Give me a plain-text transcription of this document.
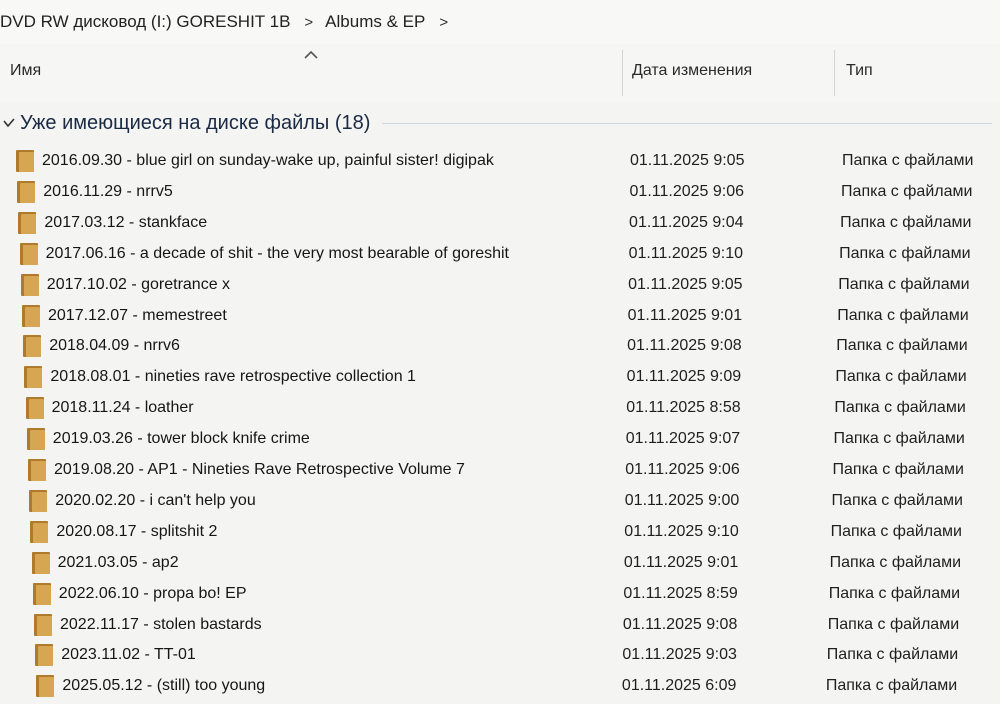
DVD RW дисковод (I:) GORESHIT 1B > Albums & EP >
Имя	Дата изменения	Тип
Уже имеющиеся на диске файлы (18)
2016.09.30 - blue girl on sunday-wake up, painful sister! digipak	01.11.2025 9:05	Папка с файлами
2016.11.29 - nrrv5	01.11.2025 9:06	Папка с файлами
2017.03.12 - stankface	01.11.2025 9:04	Папка с файлами
2017.06.16 - a decade of shit - the very most bearable of goreshit	01.11.2025 9:10	Папка с файлами
2017.10.02 - goretrance x	01.11.2025 9:05	Папка с файлами
2017.12.07 - memestreet	01.11.2025 9:01	Папка с файлами
2018.04.09 - nrrv6	01.11.2025 9:08	Папка с файлами
2018.08.01 - nineties rave retrospective collection 1	01.11.2025 9:09	Папка с файлами
2018.11.24 - loather	01.11.2025 8:58	Папка с файлами
2019.03.26 - tower block knife crime	01.11.2025 9:07	Папка с файлами
2019.08.20 - AP1 - Nineties Rave Retrospective Volume 7	01.11.2025 9:06	Папка с файлами
2020.02.20 - i can't help you	01.11.2025 9:00	Папка с файлами
2020.08.17 - splitshit 2	01.11.2025 9:10	Папка с файлами
2021.03.05 - ap2	01.11.2025 9:01	Папка с файлами
2022.06.10 - propa bo! EP	01.11.2025 8:59	Папка с файлами
2022.11.17 - stolen bastards	01.11.2025 9:08	Папка с файлами
2023.11.02 - TT-01	01.11.2025 9:03	Папка с файлами
2025.05.12 - (still) too young	01.11.2025 6:09	Папка с файлами
